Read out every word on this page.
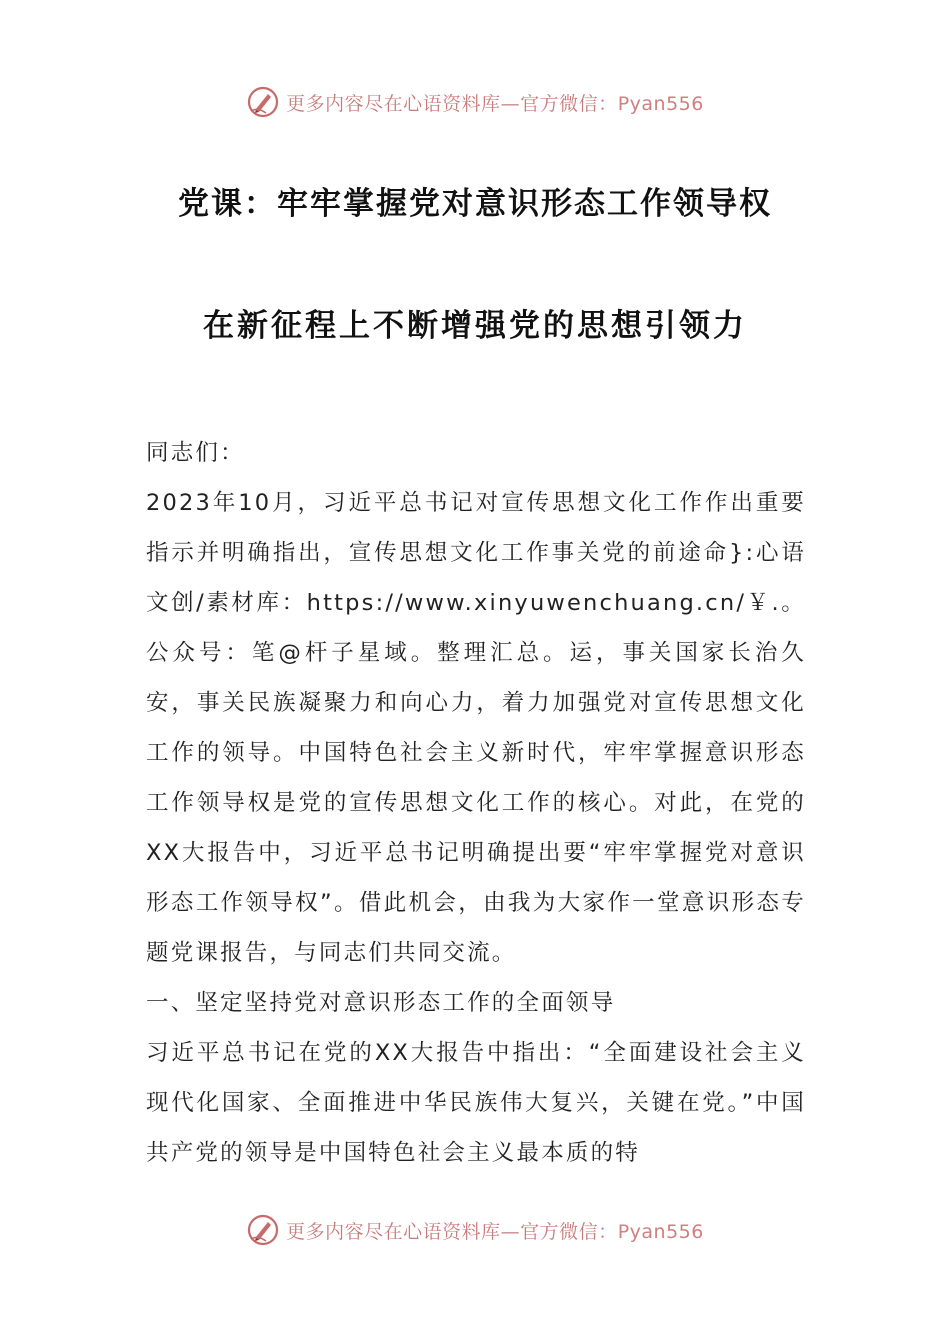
更多内容尽在心语资料库—官方微信：Pyan556
党课：牢牢掌握党对意识形态工作领导权
在新征程上不断增强党的思想引领力

同志们：

2023年10月，习近平总书记对宣传思想文化工作作出重要指示并明确指出，宣传思想文化工作事关党的前途命}:心语文创/素材库：https://www.xinyuwenchuang.cn/￥.。公众号：笔@杆子星域。整理汇总。运，事关国家长治久安，事关民族凝聚力和向心力，着力加强党对宣传思想文化工作的领导。中国特色社会主义新时代，牢牢掌握意识形态工作领导权是党的宣传思想文化工作的核心。对此，在党的XX大报告中，习近平总书记明确提出要“牢牢掌握党对意识形态工作领导权”。借此机会，由我为大家作一堂意识形态专题党课报告，与同志们共同交流。

一、坚定坚持党对意识形态工作的全面领导

习近平总书记在党的XX大报告中指出：“全面建设社会主义现代化国家、全面推进中华民族伟大复兴，关键在党。”中国共产党的领导是中国特色社会主义最本质的特

更多内容尽在心语资料库—官方微信：Pyan556
